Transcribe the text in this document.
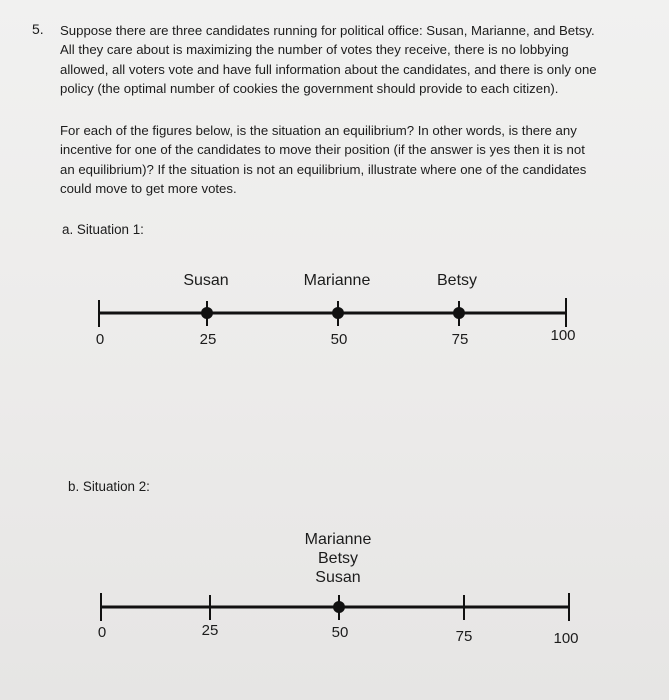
5. Suppose there are three candidates running for political office: Susan, Marianne, and Betsy.
All they care about is maximizing the number of votes they receive, there is no lobbying
allowed, all voters vote and have full information about the candidates, and there is only one
policy (the optimal number of cookies the government should provide to each citizen).

For each of the figures below, is the situation an equilibrium? In other words, is there any
incentive for one of the candidates to move their position (if the answer is yes then it is not
an equilibrium)? If the situation is not an equilibrium, illustrate where one of the candidates
could move to get more votes.

a. Situation 1:
Susan	Marianne	Betsy
0	25	50	75	100
b. Situation 2:
Marianne
Betsy
Susan
0	25	50	75	100
